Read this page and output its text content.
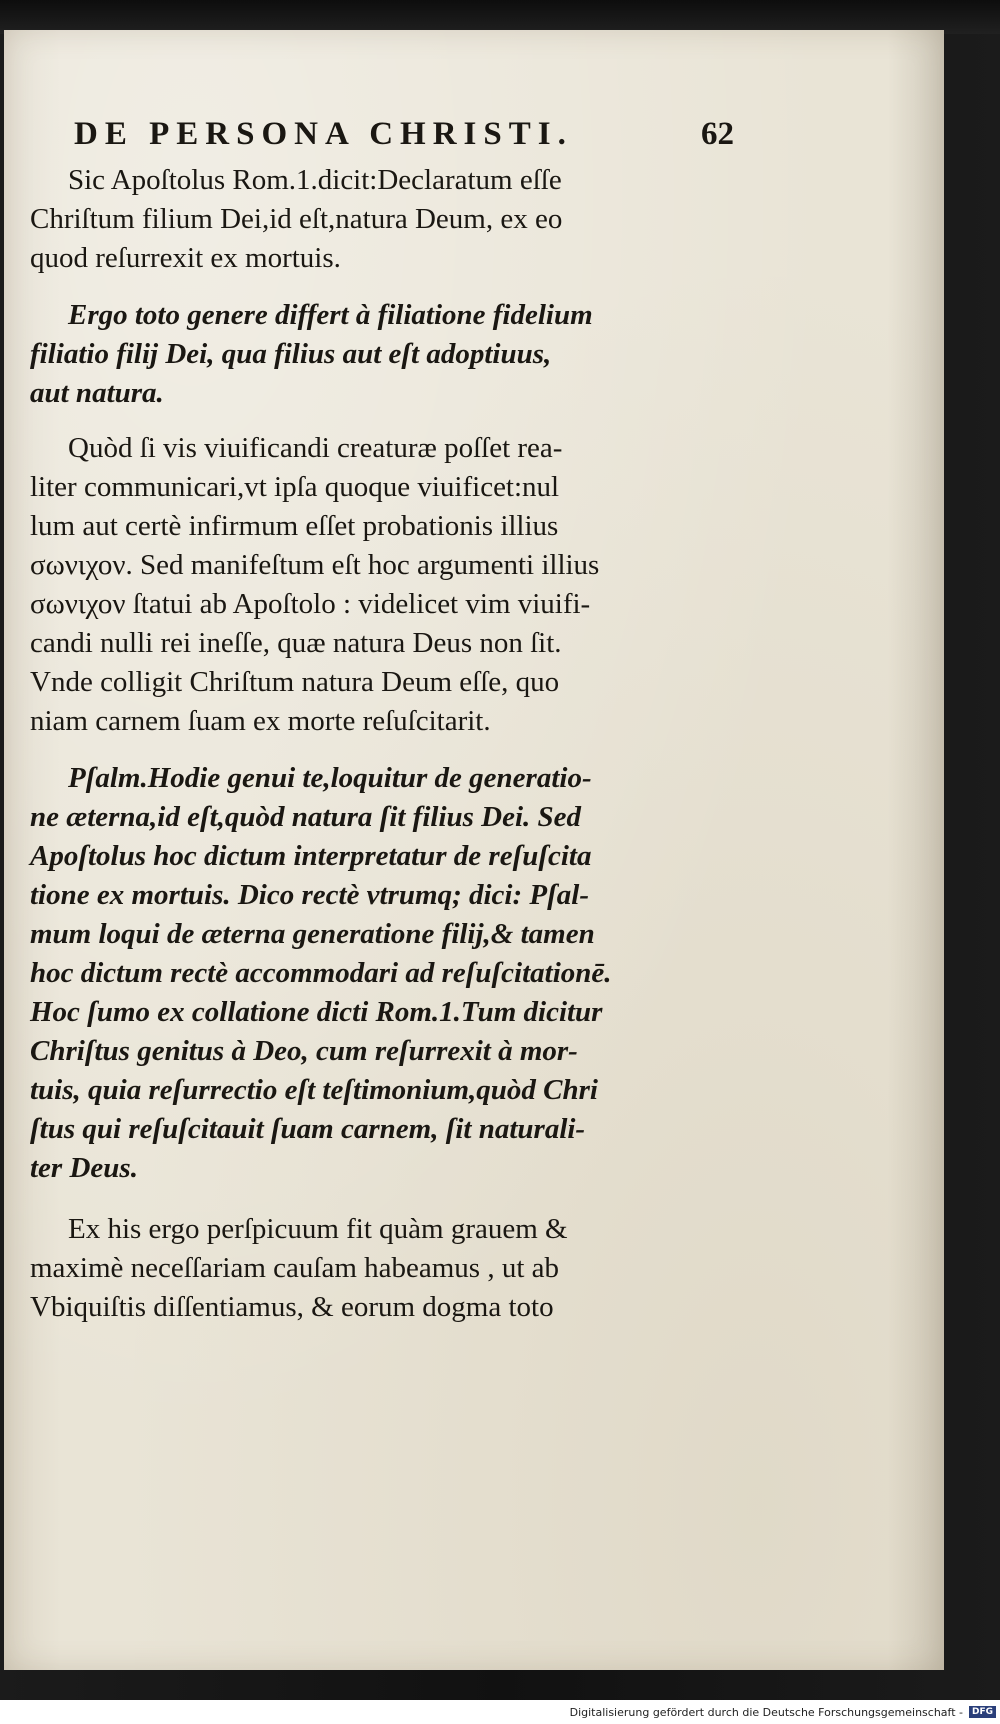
DE PERSONA CHRISTI.	62

Sic Apoſtolus Rom.1.dicit:Declaratum eſſe
Chriſtum filium Dei,id eſt,natura Deum, ex eo
quod reſurrexit ex mortuis.

Ergo toto genere differt à filiatione fidelium
filiatio filij Dei, qua filius aut eſt adoptiuus,
aut natura.

Quòd ſi vis viuificandi creaturæ poſſet rea-
liter communicari,vt ipſa quoque viuificet:nul
lum aut certè infirmum eſſet probationis illius
σωνιχον. Sed manifeſtum eſt hoc argumenti illius
σωνιχον ſtatui ab Apoſtolo : videlicet vim viuifi-
candi nulli rei ineſſe, quæ natura Deus non ſit.
Vnde colligit Chriſtum natura Deum eſſe, quo
niam carnem ſuam ex morte reſuſcitarit.

Pſalm.Hodie genui te,loquitur de generatio-
ne æterna,id eſt,quòd natura ſit filius Dei. Sed
Apoſtolus hoc dictum interpretatur de reſuſcita
tione ex mortuis. Dico rectè vtrumq; dici: Pſal-
mum loqui de æterna generatione filij,& tamen
hoc dictum rectè accommodari ad reſuſcitationē.
Hoc ſumo ex collatione dicti Rom.1.Tum dicitur
Chriſtus genitus à Deo, cum reſurrexit à mor-
tuis, quia reſurrectio eſt teſtimonium,quòd Chri
ſtus qui reſuſcitauit ſuam carnem, ſit naturali-
ter Deus.

Ex his ergo perſpicuum fit quàm grauem &
maximè neceſſariam cauſam habeamus , ut ab
Vbiquiſtis diſſentiamus, & eorum dogma toto

Digitalisierung gefördert durch die Deutsche Forschungsgemeinschaft -	DFG
